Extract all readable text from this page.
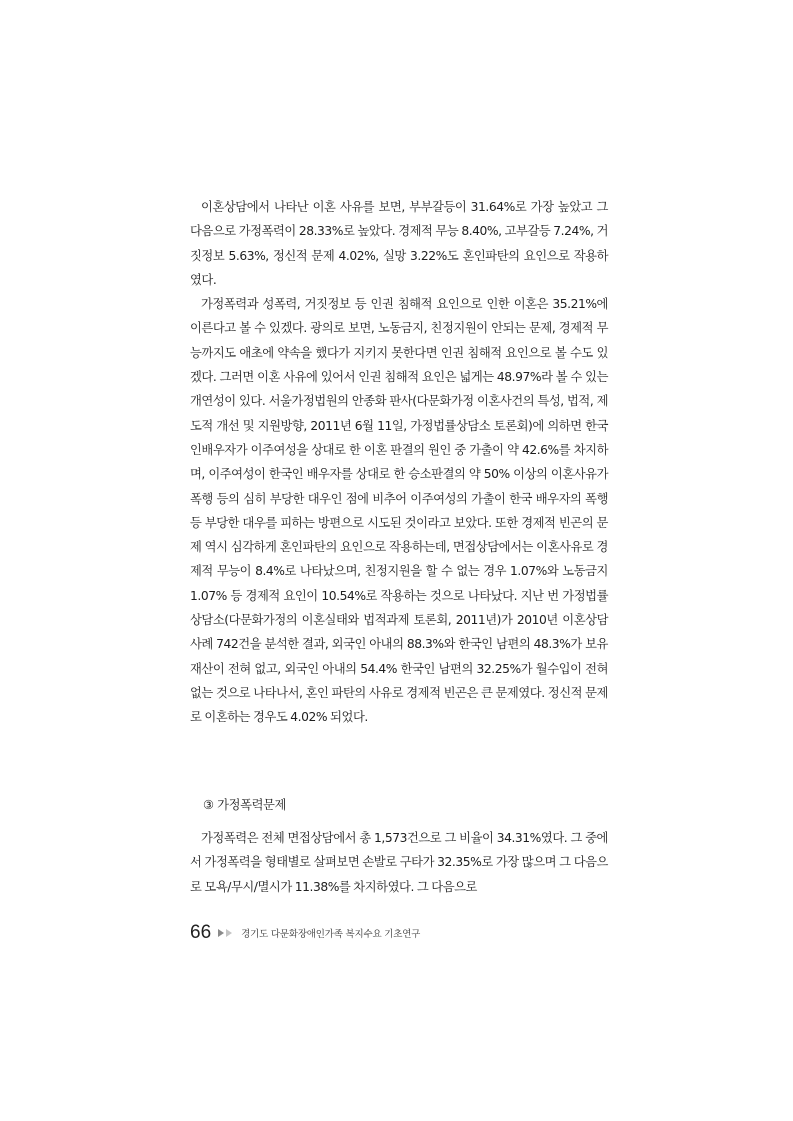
이혼상담에서 나타난 이혼 사유를 보면, 부부갈등이 31.64%로 가장 높았고 그 다음으로 가정폭력이 28.33%로 높았다. 경제적 무능 8.40%, 고부갈등 7.24%, 거짓정보 5.63%, 정신적 문제 4.02%, 실망 3.22%도 혼인파탄의 요인으로 작용하였다.

가정폭력과 성폭력, 거짓정보 등 인권 침해적 요인으로 인한 이혼은 35.21%에 이른다고 볼 수 있겠다. 광의로 보면, 노동금지, 친정지원이 안되는 문제, 경제적 무능까지도 애초에 약속을 했다가 지키지 못한다면 인권 침해적 요인으로 볼 수도 있겠다. 그러면 이혼 사유에 있어서 인권 침해적 요인은 넓게는 48.97%라 볼 수 있는 개연성이 있다. 서울가정법원의 안종화 판사(다문화가정 이혼사건의 특성, 법적, 제도적 개선 및 지원방향, 2011년 6월 11일, 가정법률상담소 토론회)에 의하면 한국인배우자가 이주여성을 상대로 한 이혼 판결의 원인 중 가출이 약 42.6%를 차지하며, 이주여성이 한국인 배우자를 상대로 한 승소판결의 약 50% 이상의 이혼사유가 폭행 등의 심히 부당한 대우인 점에 비추어 이주여성의 가출이 한국 배우자의 폭행 등 부당한 대우를 피하는 방편으로 시도된 것이라고 보았다. 또한 경제적 빈곤의 문제 역시 심각하게 혼인파탄의 요인으로 작용하는데, 면접상담에서는 이혼사유로 경제적 무능이 8.4%로 나타났으며, 친정지원을 할 수 없는 경우 1.07%와 노동금지 1.07% 등 경제적 요인이 10.54%로 작용하는 것으로 나타났다. 지난 번 가정법률상담소(다문화가정의 이혼실태와 법적과제 토론회, 2011년)가 2010년 이혼상담사례 742건을 분석한 결과, 외국인 아내의 88.3%와 한국인 남편의 48.3%가 보유 재산이 전혀 없고, 외국인 아내의 54.4% 한국인 남편의 32.25%가 월수입이 전혀 없는 것으로 나타나서, 혼인 파탄의 사유로 경제적 빈곤은 큰 문제였다. 정신적 문제로 이혼하는 경우도 4.02% 되었다.

③ 가정폭력문제

가정폭력은 전체 면접상담에서 총 1,573건으로 그 비율이 34.31%였다. 그 중에서 가정폭력을 형태별로 살펴보면 손발로 구타가 32.35%로 가장 많으며 그 다음으로 모욕/무시/멸시가 11.38%를 차지하였다. 그 다음으로

66	경기도 다문화장애인가족 복지수요 기초연구
